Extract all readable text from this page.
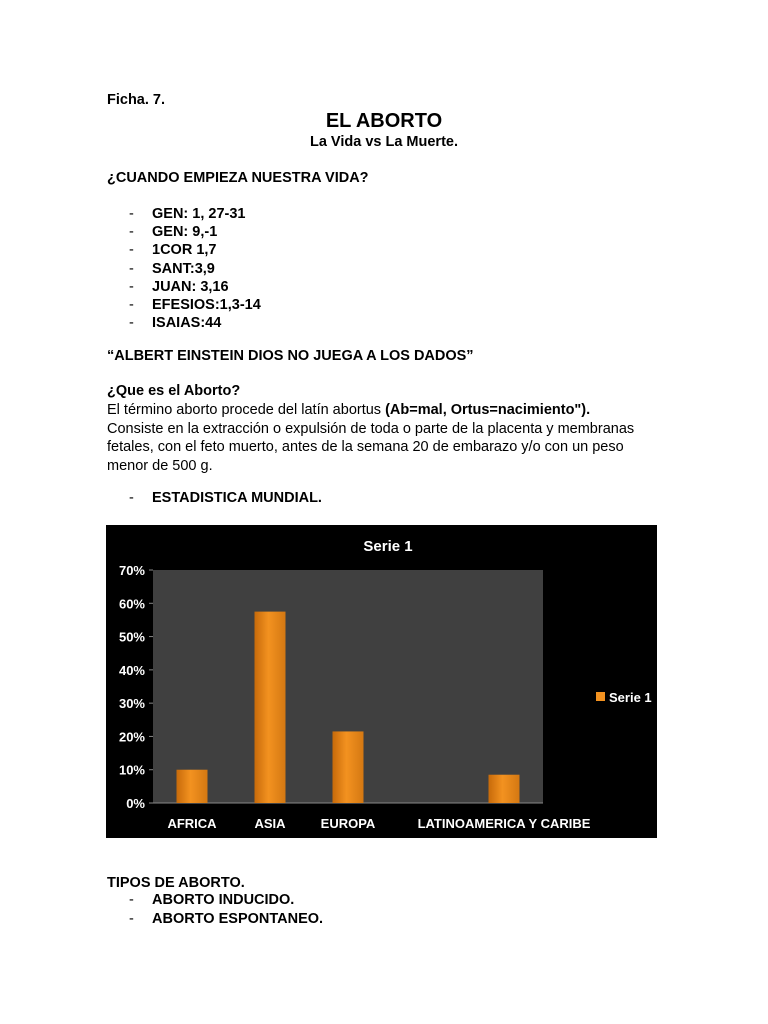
Ficha. 7.
EL ABORTO
La Vida vs La Muerte.
¿CUANDO EMPIEZA NUESTRA VIDA?
- GEN: 1, 27-31
- GEN: 9,-1
- 1COR 1,7
- SANT:3,9
- JUAN: 3,16
- EFESIOS:1,3-14
- ISAIAS:44
“ALBERT EINSTEIN DIOS NO JUEGA A LOS DADOS”
¿Que es el Aborto?
El término aborto procede del latín abortus (Ab=mal, Ortus=nacimiento").
Consiste en la extracción o expulsión de toda o parte de la placenta y membranas fetales, con el feto muerto, antes de la semana 20 de embarazo y/o con un peso menor de 500 g.
- ESTADISTICA MUNDIAL.
Serie 1
0%
10%
20%
30%
40%
50%
60%
70%
AFRICA	ASIA	EUROPA	LATINOAMERICA Y CARIBE
Serie 1
TIPOS DE ABORTO.
- ABORTO INDUCIDO.
- ABORTO ESPONTANEO.
